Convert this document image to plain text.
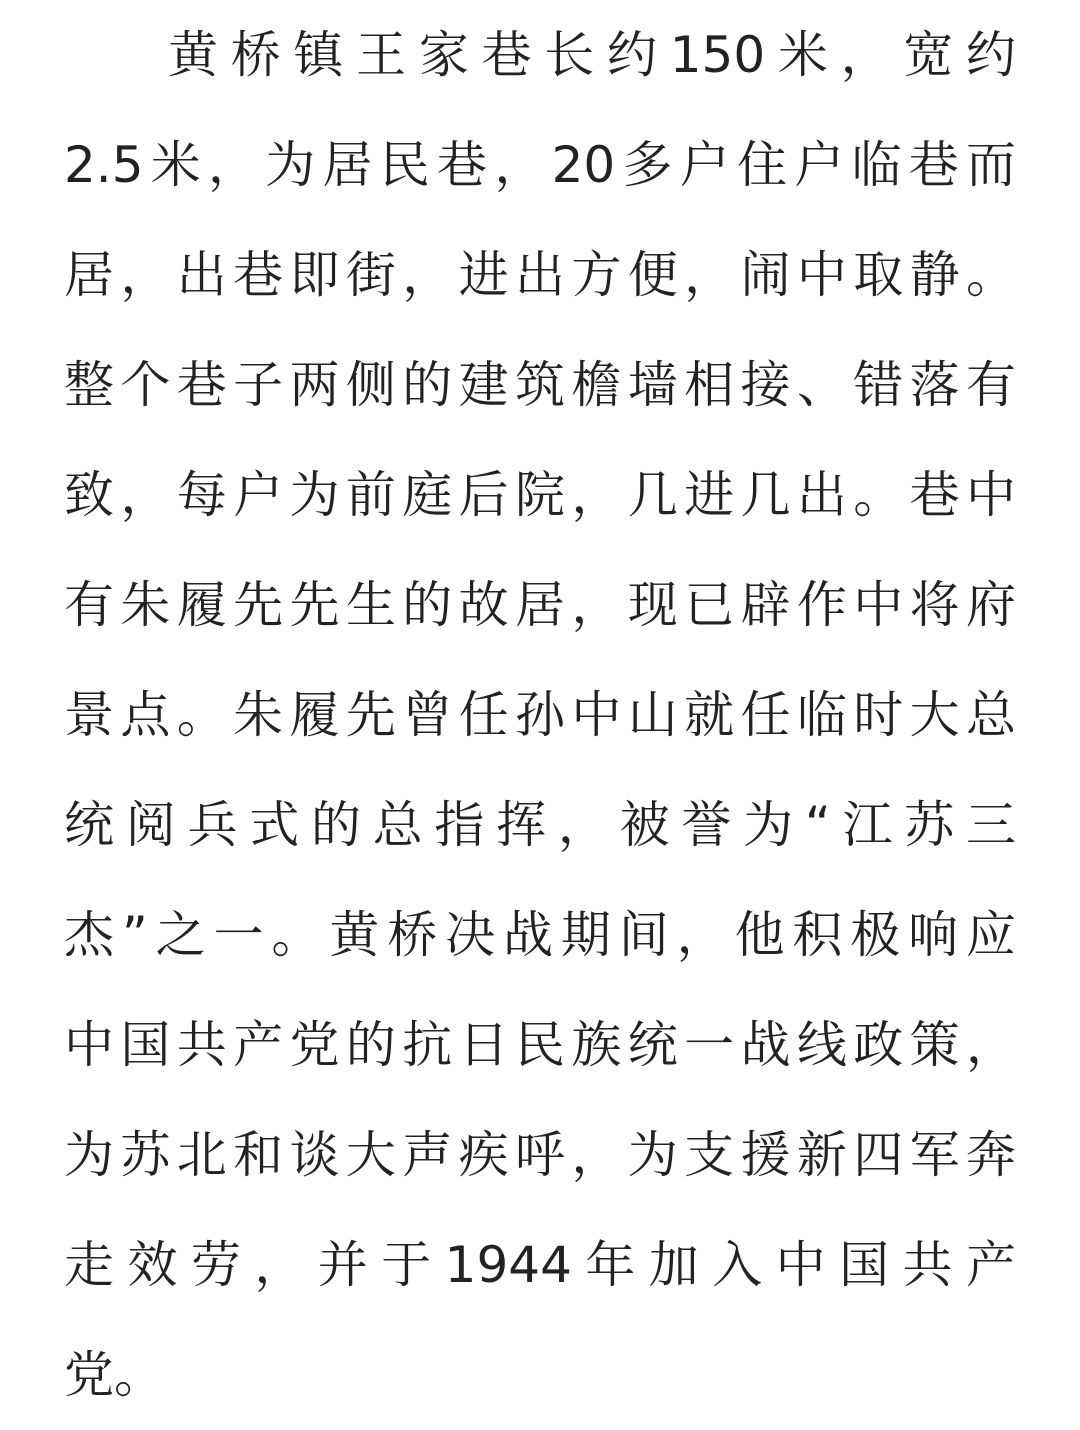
黄桥镇王家巷长约150米，宽约
2.5米，为居民巷，20多户住户临巷而
居，出巷即街，进出方便，闹中取静。
整个巷子两侧的建筑檐墙相接、错落有
致，每户为前庭后院，几进几出。巷中
有朱履先先生的故居，现已辟作中将府
景点。朱履先曾任孙中山就任临时大总
统阅兵式的总指挥，被誉为“江苏三
杰”之一。黄桥决战期间，他积极响应
中国共产党的抗日民族统一战线政策，
为苏北和谈大声疾呼，为支援新四军奔
走效劳，并于1944年加入中国共产
党。
